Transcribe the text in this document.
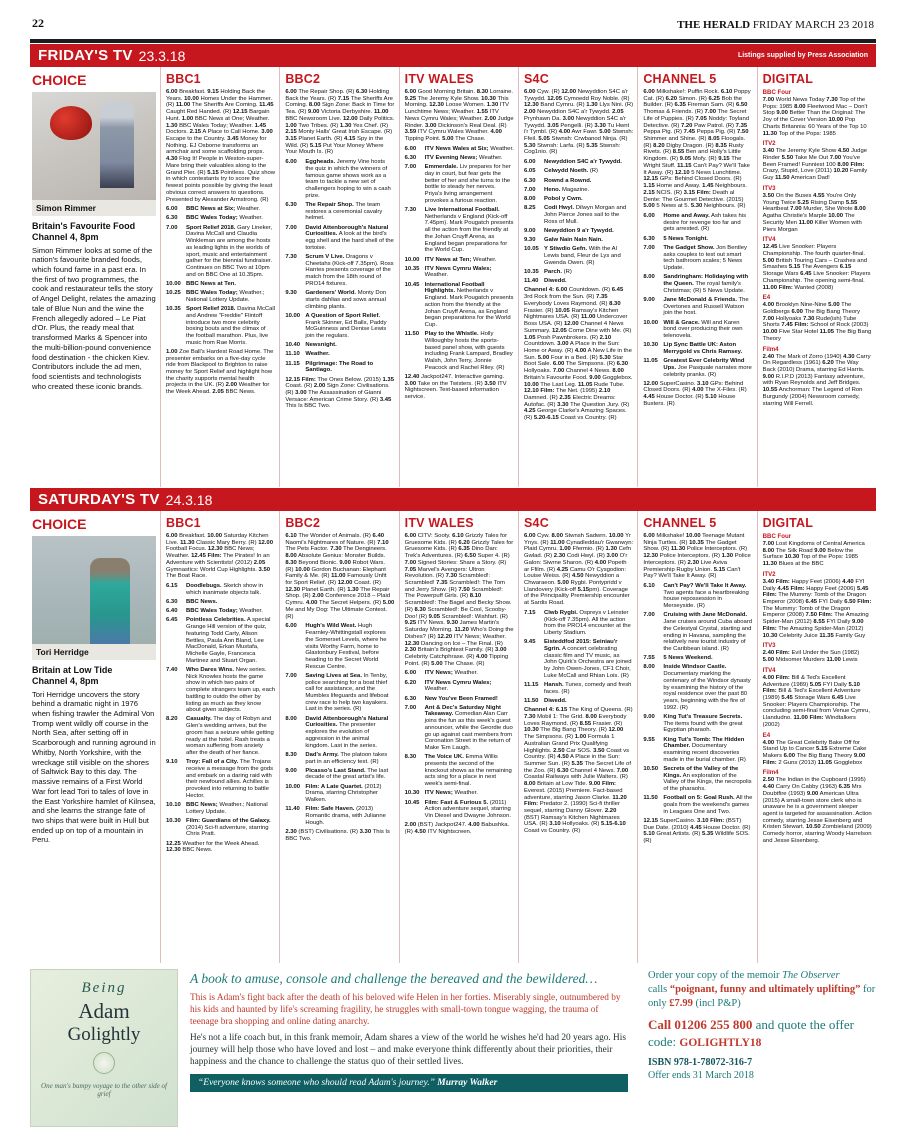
22	THE HERALD FRIDAY MARCH 23 2018
FRIDAY'S TV 23.3.18	Listings supplied by Press Association
CHOICE
Simon Rimmer
Britain's Favourite Food
Channel 4, 8pm
Simon Rimmer looks at some of the nation's favourite branded foods, which found fame in a past era. In the first of two programmes, the cook and restaurateur tells the story of Angel Delight, relates the amazing tale of Blue Nun and the wine the French allegedly adored – Le Piat d'Or. Plus, the ready meal that transformed Marks & Spencer into the multi-billion-pound convenience food destination - the chicken Kiev. Contributors include the ad men, food scientists and technologists who created these iconic brands.
BBC1

6.00 Breakfast. 9.15 Holding Back the Years. 10.00 Homes Under the Hammer. (R) 11.00 The Sheriffs Are Coming. 11.45 Caught Red Handed. (R) 12.15 Bargain Hunt. 1.00 BBC News at One; Weather. 1.30 BBC Wales Today; Weather. 1.45 Doctors. 2.15 A Place to Call Home. 3.00 Escape to the Country. 3.45 Money for Nothing. EJ Osborne transforms an armchair and some scaffolding props. 4.30 Flog It! People in Weston-super-Mare bring their valuables along to the Grand Pier. (R) 5.15 Pointless. Quiz show in which contestants try to score the fewest points possible by giving the least obvious correct answers to questions. Presented by Alexander Armstrong. (R)

6.00 BBC News at Six; Weather.
6.30 BBC Wales Today; Weather.
7.00 Sport Relief 2018. Gary Lineker, Davina McCall and Claudia Winkleman are among the hosts as leading lights in the worlds of sport, music and entertainment gather for the biennial fundraiser. Continues on BBC Two at 10pm and on BBC One at 10.35pm.
10.00 BBC News at Ten.
10.25 BBC Wales Today; Weather.; National Lottery Update.
10.35 Sport Relief 2018. Davina McCall and Andrew "Freddie" Flintoff introduce two more celebrity boxing bouts and the climax of the football marathon. Plus, live music from Rae Morris.

1.00 Zoe Ball's Hardest Road Home. The presenter embarks on a five-day cycle ride from Blackpool to Brighton to raise money for Sport Relief and highlight how the charity supports mental health projects in the UK. (R) 2.00 Weather for the Week Ahead. 2.05 BBC News.

BBC2

6.00 The Repair Shop. (R) 6.30 Holding Back the Years. (R) 7.15 The Sheriffs Are Coming. 8.00 Sign Zone: Back in Time for Tea. (R) 9.00 Victoria Derbyshire. 11.00 BBC Newsroom Live. 12.00 Daily Politics. 1.00 Two Tribes. (R) 1.30 Yes Chef. (R) 2.15 Monty Halls' Great Irish Escape. (R) 3.15 Planet Earth. (R) 4.15 Spy in the Wild. (R) 5.15 Put Your Money Where Your Mouth Is. (R)

6.00 Eggheads. Jeremy Vine hosts the quiz in which the winners of famous game shows work as a team to tackle a new set of challengers hoping to win a cash prize.
6.30 The Repair Shop. The team restores a ceremonial cavalry helmet.
7.00 David Attenborough's Natural Curiosities. A look at the bird's egg shell and the hard shell of the tortoise.
7.30 Scrum V Live. Dragons v Cheetahs (Kick-off 7.35pm). Ross Harries presents coverage of the match from the 18th round of PRO14 fixtures.
9.30 Gardeners' World. Monty Don starts dahlias and sows annual climbing plants.
10.00 A Question of Sport Relief. Frank Skinner, Ed Balls, Paddy McGuinness and Denise Lewis join the regulars.
10.40 Newsnight.
11.10 Weather.
11.15 Pilgrimage: The Road to Santiago.

12.15 Film: The Ones Below. (2015) 1.35 Coast. (R) 2.00 Sign Zone: Civilisations. (R) 3.00 The Assassination of Gianni Versace: American Crime Story. (R) 3.45 This Is BBC Two.

ITV WALES

6.00 Good Morning Britain. 8.30 Lorraine. 9.25 The Jeremy Kyle Show. 10.30 This Morning. 12.30 Loose Women. 1.30 ITV Lunchtime News; Weather. 1.55 ITV News Cymru Wales; Weather. 2.00 Judge Rinder. 3.00 Dickinson's Real Deal. (R) 3.59 ITV Cymru Wales Weather. 4.00 Tipping Point. 5.00 The Chase.

6.00 ITV News Wales at Six; Weather.
6.30 ITV Evening News; Weather.
7.00 Emmerdale. Liv prepares for her day in court, but fear gets the better of her and she turns to the bottle to steady her nerves. Priya's living arrangement provokes a furious reaction.
7.30 Live International Football. Netherlands v England (Kick-off 7.45pm). Mark Pougatch presents all the action from the friendly at the Johan Cruyff Arena, as England began preparations for the World Cup.
10.00 ITV News at Ten; Weather.
10.35 ITV News Cymru Wales; Weather.
10.45 International Football Highlights. Netherlands v England. Mark Pougatch presents action from the friendly at the Johan Cruyff Arena, as England began preparations for the World Cup.
11.50 Play to the Whistle. Holly Willoughby hosts the sports-based panel show, with guests including Frank Lampard, Bradley Walsh, John Terry, Jonnie Peacock and Rachel Riley. (R)

12.40 Jackpot247. Interactive gaming. 3.00 Take on the Twisters. (R) 3.50 ITV Nightscreen. Text-based information service.

S4C

6.00 Cyw. (R) 12.00 Newyddion S4C a'r Tywydd. 12.05 Cymoedd Roy Noble. (R) 12.30 Band Cymru. (R) 1.30 Llys Nini. (R) 2.00 Newyddion S4C a'r Tywydd. 2.05 Prynhawn Da. 3.00 Newyddion S4C a'r Tywydd. 3.05 Pengelli. (R) 3.30 Tu Hwnt i'r Tymbl. (R) 4.00 Awr Fawr. 5.00 Stwnsh: Ffeil. 5.05 Stwnsh: Crwbanod Ninja. (R) 5.30 Stwnsh: Larfa. (R) 5.35 Stwnsh: Cog1nio. (R)

6.00 Newyddion S4C a'r Tywydd.
6.05 Celwydd Noeth. (R)
6.30 Rownd a Rownd.
7.00 Heno. Magazine.
8.00 Pobol y Cwm.
8.25 Codi Hwyl. Dilwyn Morgan and John Pierce Jones sail to the Ross of Mull.
9.00 Newyddion 9 a'r Tywydd.
9.30 Galw Nain Nain Nain.
10.05 Y Stiwdio Gefn. With the Al Lewis band, Fleur de Lys and Gwenda Owen. (R)
10.35 Parch. (R)
11.40 Diwedd.

Channel 4: 6.00 Countdown. (R) 6.45 3rd Rock from the Sun. (R) 7.35 Everybody Loves Raymond. (R) 8.30 Frasier. (R) 10.05 Ramsay's Kitchen Nightmares USA. (R) 11.00 Undercover Boss USA. (R) 12.00 Channel 4 News Summary. 12.05 Come Dine with Me. (R) 1.05 Posh Pawnbrokers. (R) 2.10 Countdown. 3.00 A Place in the Sun: Home or Away. (R) 4.00 A New Life in the Sun. 5.00 Four in a Bed. (R) 5.30 Star Boot Sale. 6.00 The Simpsons. (R) 6.30 Hollyoaks. 7.00 Channel 4 News. 8.00 Britain's Favourite Food. 9.00 Gogglebox. 10.00 The Last Leg. 11.05 Rude Tube. 12.10 Film: The Net. (1995) 2.10 Damned. (R) 2.35 Electric Dreams: Autofac. (R) 3.30 The Question Jury. (R) 4.25 George Clarke's Amazing Spaces. (R) 5.20-6.15 Coast vs Country. (R)

CHANNEL 5

6.00 Milkshake!: Puffin Rock. 6.10 Poppy Cat. (R) 6.20 Simon. (R) 6.25 Bob the Builder. (R) 6.35 Fireman Sam. (R) 6.50 Thomas & Friends. (R) 7.00 The Secret Life of Puppies. (R) 7.05 Noddy: Toyland Detective. (R) 7.20 Paw Patrol. (R) 7.35 Peppa Pig. (R) 7.45 Peppa Pig. (R) 7.50 Shimmer and Shine. (R) 8.05 Floogals. (R) 8.20 Digby Dragon. (R) 8.35 Rusty Rivets. (R) 8.55 Ben and Holly's Little Kingdom. (R) 9.05 Mofy. (R) 9.15 The Wright Stuff. 11.15 Can't Pay? We'll Take It Away. (R) 12.10 5 News Lunchtime. 12.15 GPs: Behind Closed Doors. (R) 1.15 Home and Away. 1.45 Neighbours. 2.15 NCIS. (R) 3.15 Film: Death al Dente: The Gourmet Detective. (2015) 5.00 5 News at 5. 5.30 Neighbours. (R)

6.00 Home and Away. Ash takes his desire for revenge too far and gets arrested. (R)
6.30 5 News Tonight.
7.00 The Gadget Show. Jon Bentley asks couples to test out smart tech bathroom scales; 5 News Update.
8.00 Sandringham: Holidaying with the Queen. The royal family's Christmas; (R) 5 News Update.
9.00 Jane McDonald & Friends. The Overtones and Russell Watson join the host.
10.00 Will & Grace. Will and Karen bond over producing their own telenovela.
10.30 Lip Sync Battle UK: Aston Merrygold vs Chris Ramsey.
11.05 Greatest Ever Celebrity Wind Ups. Joe Pasquale narrates more celebrity pranks. (R)

12.00 SuperCasino. 3.10 GPs: Behind Closed Doors. (R) 4.00 The X-Files. (R) 4.45 House Doctor. (R) 5.10 House Busters. (R)

DIGITAL
BBC Four

7.00 World News Today 7.30 Top of the Pops: 1985 8.00 Fleetwood Mac – Don't Stop 9.00 Better Than the Original: The Joy of the Cover Version 10.00 Pop Charts Britannia: 60 Years of the Top 10 11.30 Top of the Pops: 1985

ITV2

3.40 The Jeremy Kyle Show 4.50 Judge Rinder 5.50 Take Me Out 7.00 You've Been Framed! Funniest 100 8.00 Film: Crazy, Stupid, Love (2011) 10.20 Family Guy 11.50 American Dad!

ITV3

3.50 On the Buses 4.55 You're Only Young Twice 5.25 Rising Damp 5.55 Heartbeat 7.00 Murder, She Wrote 8.00 Agatha Christie's Marple 10.00 The Security Men 11.00 Killer Women with Piers Morgan

ITV4

12.45 Live Snooker: Players Championship. The fourth quarter-final. 5.00 British Touring Cars – Crashes and Smashes 5.15 The Avengers 6.15 Storage Wars 6.45 Live Snooker: Players Championship. The opening semi-final. 11.00 Film: Wanted (2008)

E4

4.00 Brooklyn Nine-Nine 5.00 The Goldbergs 6.00 The Big Bang Theory 7.00 Hollyoaks 7.30 Rude(ish) Tube Shorts 7.45 Film: School of Rock (2003) 10.00 Five Star Hotel 11.05 The Big Bang Theory

Film4

2.40 The Mark of Zorro (1940) 4.30 Carry On Regardless (1961) 6.20 The Way Back (2010) Drama, starring Ed Harris. 9.00 R.I.P.D (2013) Fantasy adventure, with Ryan Reynolds and Jeff Bridges. 10.55 Anchorman: The Legend of Ron Burgundy (2004) Newsroom comedy, starring Will Ferrell.

SATURDAY'S TV 24.3.18
CHOICE
Tori Herridge
Britain at Low Tide
Channel 4, 8pm
Tori Herridge uncovers the story behind a dramatic night in 1976 when fishing trawler the Admiral Von Tromp went wildly off course in the North Sea, after setting off in Scarborough and running aground in Whitby, North Yorkshire, with the wreckage still visible on the shores of Saltwick Bay to this day. The massive remains of a First World War fort lead Tori to tales of love in the East Yorkshire hamlet of Kilnsea, and she learns the strange fate of two ships that were built in Hull but ended up on top of a mountain in Peru.
BBC1

6.00 Breakfast. 10.00 Saturday Kitchen Live. 11.30 Classic Mary Berry. (R) 12.00 Football Focus. 12.30 BBC News; Weather. 12.45 Film: The Pirates! In an Adventure with Scientists! (2012) 2.05 Gymnastics: World Cup Highlights. 3.50 The Boat Race.

6.15 Doodlebugs. Sketch show in which inanimate objects talk.
6.30 BBC News.
6.40 BBC Wales Today; Weather.
6.45 Pointless Celebrities. A special Grange Hill version of the quiz, featuring Todd Carty, Alison Bettles, Paula Ann Bland, Lee MacDonald, Erkan Mustafa, Michelle Gayle, Francesca Martinez and Stuart Organ.
7.40 Who Dares Wins. New series. Nick Knowles hosts the game show in which two pairs of complete strangers team up, each battling to outdo the other by listing as much as they know about given subjects.
8.20 Casualty. The day of Robyn and Glen's wedding arrives, but the groom has a seizure while getting ready at the hotel. Rash treats a woman suffering from anxiety after the death of her fiance.
9.10 Troy: Fall of a City. The Trojans receive a message from the gods and embark on a daring raid with their newfound allies. Achilles is provoked into returning to battle Hector.
10.10 BBC News; Weather.; National Lottery Update.
10.30 Film: Guardians of the Galaxy. (2014) Sci-fi adventure, starring Chris Pratt.

12.25 Weather for the Week Ahead. 12.30 BBC News.

BBC2

6.10 The Wonder of Animals. (R) 6.40 Naomi's Nightmares of Nature. (R) 7.10 The Pets Factor. 7.30 The Dengineers. 8.00 Absolute Genius: Monster Builds. 8.30 Beyond Bionic. 9.00 Robot Wars. (R) 10.00 Gordon Buchanan: Elephant Family & Me. (R) 11.00 Famously Unfit for Sport Relief. (R) 12.00 Coast. (R) 12.30 Planet Earth. (R) 1.30 The Repair Shop. (R) 2.00 Conference 2018 – Plaid Cymru. 4.00 The Secret Helpers. (R) 5.00 Me and My Dog: The Ultimate Contest. (R)

6.00 Hugh's Wild West. Hugh Fearnley-Whittingstall explores the Somerset Levels, where he visits Worthy Farm, home to Glastonbury Festival, before heading to the Secret World Rescue Centre.
7.00 Saving Lives at Sea. In Tenby, police searching for a boat thief call for assistance, and the Mumbles lifeguards and lifeboat crew race to help two kayakers. Last in the series. (R)
8.00 David Attenborough's Natural Curiosities. The presenter explores the evolution of aggression in the animal kingdom. Last in the series.
8.30 Dad's Army. The platoon takes part in an efficiency test. (R)
9.00 Picasso's Last Stand. The last decade of the great artist's life.
10.00 Film: A Late Quartet. (2012) Drama, starring Christopher Walken.
11.40 Film: Safe Haven. (2013) Romantic drama, with Julianne Hough.

2.30 (BST) Civilisations. (R) 3.30 This Is BBC Two.

ITV WALES

6.00 CITV: Sooty. 6.10 Grizzly Tales for Gruesome Kids. (R) 6.20 Grizzly Tales for Gruesome Kids. (R) 6.35 Dino Dan: Trek's Adventures. (R) 6.50 Super 4. (R) 7.00 Signed Stories: Share a Story. (R) 7.05 Marvel's Avengers: Ultron Revolution. (R) 7.30 Scrambled!: Scrambled! 7.35 Scrambled!: The Tom and Jerry Show. (R) 7.50 Scrambled!: The Powerpuff Girls. (R) 8.10 Scrambled!: The Bagel and Becky Show. (R) 8.30 Scrambled!: Be Cool, Scooby-Doo! (R) 9.05 Scrambled!: Wishfart. (R) 9.25 ITV News. 9.30 James Martin's Saturday Morning. 11.20 Who's Doing the Dishes? (R) 12.20 ITV News; Weather. 12.30 Dancing on Ice – The Final. (R) 2.30 Britain's Brightest Family. (R) 3.00 Celebrity Catchphrase. (R) 4.00 Tipping Point. (R) 5.00 The Chase. (R)

6.00 ITV News; Weather.
6.20 ITV News Cymru Wales; Weather.
6.30 New You've Been Framed!
7.00 Ant & Dec's Saturday Night Takeaway. Comedian Alan Carr joins the fun as this week's guest announcer, while the Geordie duo go up against cast members from Coronation Street in the return of Make 'Em Laugh.
8.30 The Voice UK. Emma Willis presents the second of the knockout shows as the remaining acts sing for a place in next week's semi-final.
10.30 ITV News; Weather.
10.45 Film: Fast & Furious 5. (2011) Action adventure sequel, starring Vin Diesel and Dwayne Johnson.

2.00 (BST) Jackpot247. 4.00 Babushka. (R) 4.50 ITV Nightscreen.

S4C

6.00 Cyw. 8.00 Stwnsh Sadwrn. 10.00 Yr Ynys. (R) 11.00 Cynadleddau'r Gwanwyn: Plaid Cymru. 1.00 Ffermio. (R) 1.30 Cefn Gwlad. (R) 2.30 Codi Hwyl. (R) 3.00 O'r Galon: Siwrne Sharon. (R) 4.00 Popeth ar Ffilm. (R) 4.25 Camu O'r Cysgodion: Louise Weiss. (R) 4.50 Newyddion a Chwaraeon. 5.00 Rygbi. Pontypridd v Llandovery (Kick-off 5.15pm). Coverage of the Principality Premiership encounter at Sardis Road.

7.15 Clwb Rygbi. Ospreys v Leinster (Kick-off 7.35pm). All the action from the PRO14 encounter at the Liberty Stadium.
9.45 Eisteddfod 2015: Seiniau'r Sgrin. A concert celebrating classic film and TV music, as John Quirk's Orchestra are joined by John Owen-Jones, CF1 Choir, Luke McCall and Rhian Lois. (R)
11.15 Hansh. Tunes, comedy and fresh faces. (R)
11.50 Diwedd.

Channel 4: 6.15 The King of Queens. (R) 7.30 Mobil 1: The Grid. 8.00 Everybody Loves Raymond. (R) 8.55 Frasier. (R) 10.30 The Big Bang Theory. (R) 12.00 The Simpsons. (R) 1.00 Formula 1 Australian Grand Prix Qualifying Highlights. 2.50 Car SOS. 3.50 Coast vs Country. (R) 4.50 A Place in the Sun: Summer Sun. (R) 5.35 The Secret Life of the Zoo. (R) 6.30 Channel 4 News. 7.00 Coastal Railways with Julie Walters. (R) 8.00 Britain at Low Tide. 9.00 Film: Everest. (2015) Premiere. Fact-based adventure, starring Jason Clarke. 11.20 Film: Predator 2. (1990) Sci-fi thriller sequel, starring Danny Glover. 2.20 (BST) Ramsay's Kitchen Nightmares USA. (R) 3.10 Hollyoaks. (R) 5.15-6.10 Coast vs Country. (R)

CHANNEL 5

6.00 Milkshake! 10.00 Teenage Mutant Ninja Turtles. (R) 10.35 The Gadget Show. (R) 11.30 Police Interceptors. (R) 12.30 Police Interceptors. (R) 1.30 Police Interceptors. (R) 2.30 Live Aviva Premiership Rugby Union. 5.15 Can't Pay? We'll Take It Away. (R)

6.10 Can't Pay? We'll Take It Away. Two agents face a heartbreaking house repossession in Merseyside. (R)
7.00 Cruising with Jane McDonald. Jane cruises around Cuba aboard the Celestyal Crystal, starting and ending in Havana, sampling the relatively new tourist industry of the Caribbean island. (R)
7.55 5 News Weekend.
8.00 Inside Windsor Castle. Documentary marking the centenary of the Windsor dynasty by examining the history of the royal residence over the past 80 years, beginning with the fire of 1992. (R)
9.00 King Tut's Treasure Secrets. The items found with the great Egyptian pharaoh.
9.55 King Tut's Tomb: The Hidden Chamber. Documentary examining recent discoveries made in the burial chamber. (R)
10.50 Secrets of the Valley of the Kings. An exploration of the Valley of the Kings, the necropolis of the pharaohs.
11.50 Football on 5: Goal Rush. All the goals from the weekend's games in Leagues One and Two.

12.15 SuperCasino. 3.10 Film: (BST) Due Date. (2010) 4.45 House Doctor. (R) 5.10 Great Artists. (R) 5.35 Wildlife SOS. (R)

DIGITAL
BBC Four

7.00 Lost Kingdoms of Central America 8.00 The Silk Road 9.00 Below the Surface 10.30 Top of the Pops: 1985 11.30 Blues at the BBC

ITV2

3.40 Film: Happy Feet (2006) 4.40 FYI Daily 4.45 Film: Happy Feet (2006) 5.45 Film: The Mummy: Tomb of the Dragon Emperor (2008) 6.45 FYI Daily 6.50 Film: The Mummy: Tomb of the Dragon Emperor (2008) 7.50 Film: The Amazing Spider-Man (2012) 8.55 FYI Daily 9.00 Film: The Amazing Spider-Man (2012) 10.30 Celebrity Juice 11.35 Family Guy

ITV3

2.40 Film: Evil Under the Sun (1982) 5.00 Midsomer Murders 11.00 Lewis

ITV4

4.00 Film: Bill & Ted's Excellent Adventure (1989) 5.05 FYI Daily 5.10 Film: Bill & Ted's Excellent Adventure (1989) 5.45 Storage Wars 6.45 Live Snooker: Players Championship. The concluding semi-final from Venue Cymru, Llandudno. 11.00 Film: Windtalkers (2002)

E4

4.00 The Great Celebrity Bake Off for Stand Up to Cancer 5.15 Extreme Cake Makers 6.00 The Big Bang Theory 9.00 Film: 2 Guns (2013) 11.05 Gogglebox

Film4

2.50 The Indian in the Cupboard (1995) 4.40 Carry On Cabby (1963) 6.35 Mrs Doubtfire (1993) 9.00 American Ultra (2015) A small-town store clerk who is unaware he is a government sleeper agent is targeted for assassination. Action comedy, starring Jesse Eisenberg and Kristen Stewart. 10.50 Zombieland (2009) Comedy horror, starring Woody Harrelson and Jesse Eisenberg.

Being
Adam
Golightly
One man's bumpy voyage to the other side of grief

A book to amuse, console and challenge the bereaved and the bewildered…

This is Adam's fight back after the death of his beloved wife Helen in her forties. Miserably single, outnumbered by his kids and haunted by life's screaming fragility, he struggles with small-town tongue wagging, the trauma of teenage bra shopping and online dating anarchy.

He's not a life coach but, in this frank memoir, Adam shares a view of the world he wishes he'd had 20 years ago. His journey will help those who have loved and lost – and make everyone think differently about their priorities, their happiness and the chance to challenge the status quo of their settled lives.

“Everyone knows someone who should read Adam's journey.” Murray Walker
Order your copy of the memoir The Observer
calls “poignant, funny and ultimately uplifting” for only £7.99 (incl P&P)
Call 01206 255 800 and quote the offer code: GOLIGHTLY18
ISBN 978-1-78072-316-7
Offer ends 31 March 2018
